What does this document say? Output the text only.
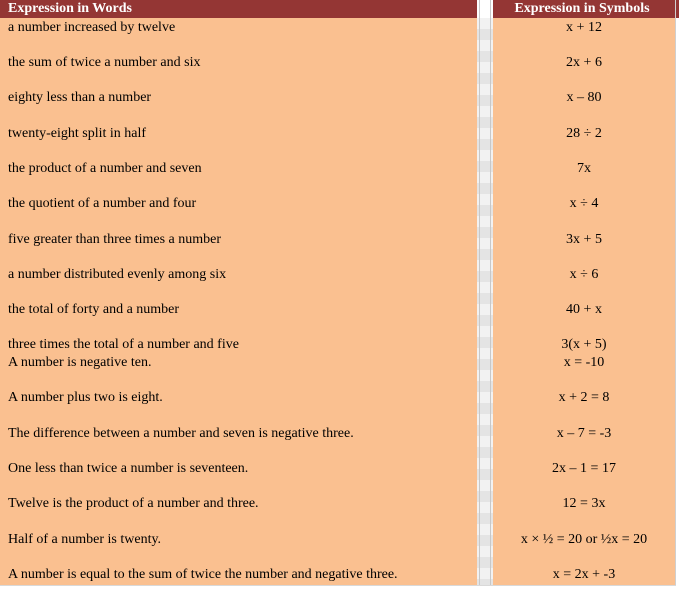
Expression in Words	Expression in Symbols
a number increased by twelve	x + 12
the sum of twice a number and six	2x + 6
eighty less than a number	x – 80
twenty-eight split in half	28 ÷ 2
the product of a number and seven	7x
the quotient of a number and four	x ÷ 4
five greater than three times a number	3x + 5
a number distributed evenly among six	x ÷ 6
the total of forty and a number	40 + x
three times the total of a number and five	3(x + 5)
A number is negative ten.	x = -10
A number plus two is eight.	x + 2 = 8
The difference between a number and seven is negative three.	x – 7 = -3
One less than twice a number is seventeen.	2x – 1 = 17
Twelve is the product of a number and three.	12 = 3x
Half of a number is twenty.	x × ½ = 20 or ½x = 20
A number is equal to the sum of twice the number and negative three.	x = 2x + -3
